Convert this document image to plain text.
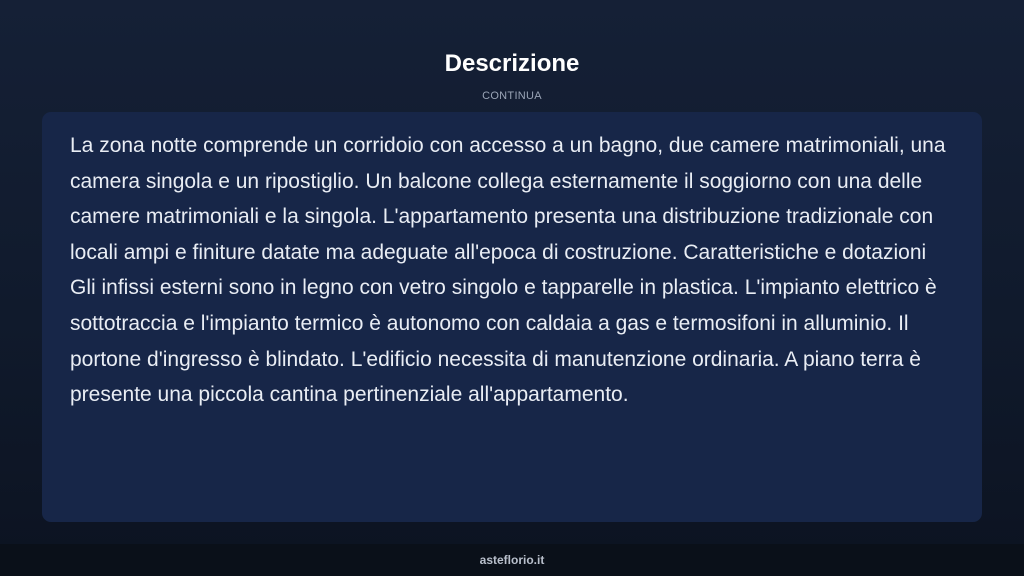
Descrizione
CONTINUA

La zona notte comprende un corridoio con accesso a un bagno, due camere matrimoniali, una camera singola e un ripostiglio. Un balcone collega esternamente il soggiorno con una delle camere matrimoniali e la singola. L'appartamento presenta una distribuzione tradizionale con locali ampi e finiture datate ma adeguate all'epoca di costruzione. Caratteristiche e dotazioni Gli infissi esterni sono in legno con vetro singolo e tapparelle in plastica. L'impianto elettrico è sottotraccia e l'impianto termico è autonomo con caldaia a gas e termosifoni in alluminio. Il portone d'ingresso è blindato. L'edificio necessita di manutenzione ordinaria. A piano terra è presente una piccola cantina pertinenziale all'appartamento.

asteflorio.it
